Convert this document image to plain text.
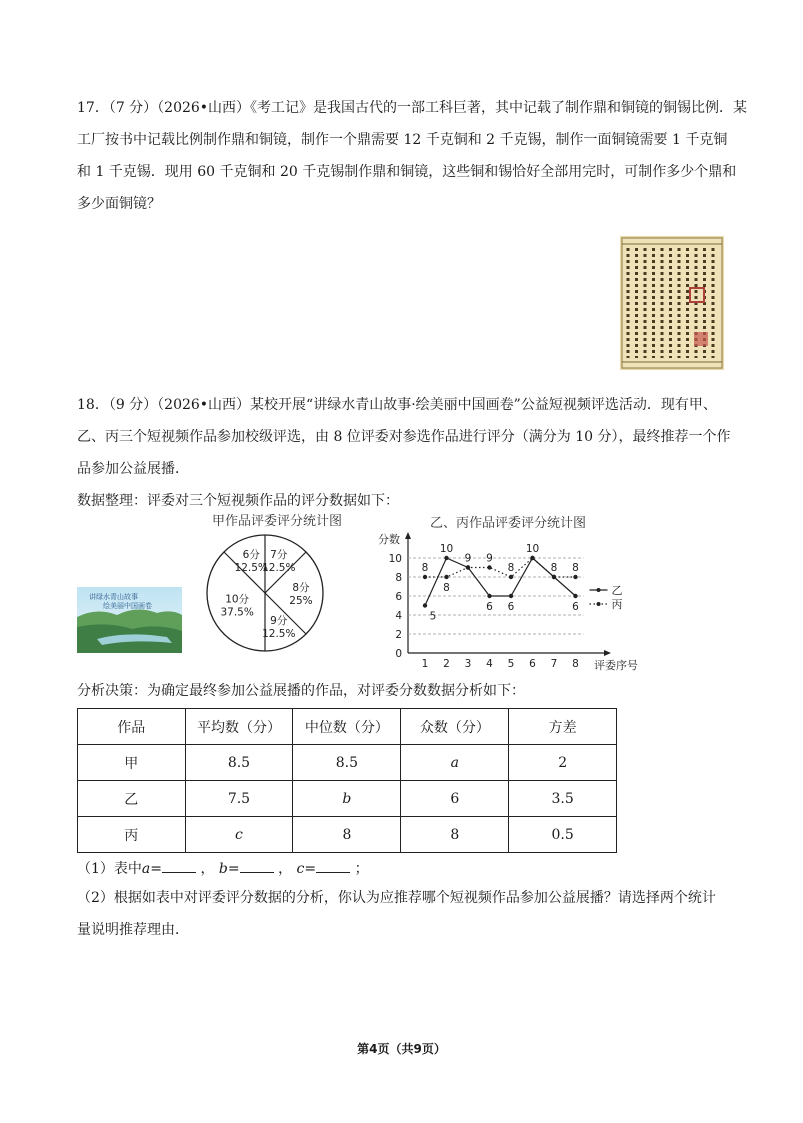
17．（7 分）（2026•山西）《考工记》是我国古代的一部工科巨著，其中记载了制作鼎和铜镜的铜锡比例．某
工厂按书中记载比例制作鼎和铜镜，制作一个鼎需要 12 千克铜和 2 千克锡，制作一面铜镜需要 1 千克铜
和 1 千克锡．现用 60 千克铜和 20 千克锡制作鼎和铜镜，这些铜和锡恰好全部用完时，可制作多少个鼎和
多少面铜镜？
18．（9 分）（2026•山西）某校开展“讲绿水青山故事·绘美丽中国画卷”公益短视频评选活动．现有甲、
乙、丙三个短视频作品参加校级评选，由 8 位评委对参选作品进行评分（满分为 10 分），最终推荐一个作
品参加公益展播．
数据整理：评委对三个短视频作品的评分数据如下：
讲绿水青山故事
绘美丽中国画卷
甲作品评委评分统计图
10分
37.5%
6分
12.5%
7分
12.5%
8分
25%
9分
12.5%
乙、丙作品评委评分统计图
分数
评委序号
0
2
4
6
8
10
1 2 3 4 5 6 7 8
5
10
9
6 6
10
8
6
8
8
9
8	8
乙
丙
分析决策：为确定最终参加公益展播的作品，对评委分数数据分析如下：
作品	平均数（分）	中位数（分）	众数（分）	方差
甲	8.5	8.5	a	2
乙	7.5	b	6	3.5
丙	c	8	8	0.5
（1）表中a=	， b=	， c=	；
（2）根据如表中对评委评分数据的分析，你认为应推荐哪个短视频作品参加公益展播？请选择两个统计
量说明推荐理由．
第4页（共9页）
